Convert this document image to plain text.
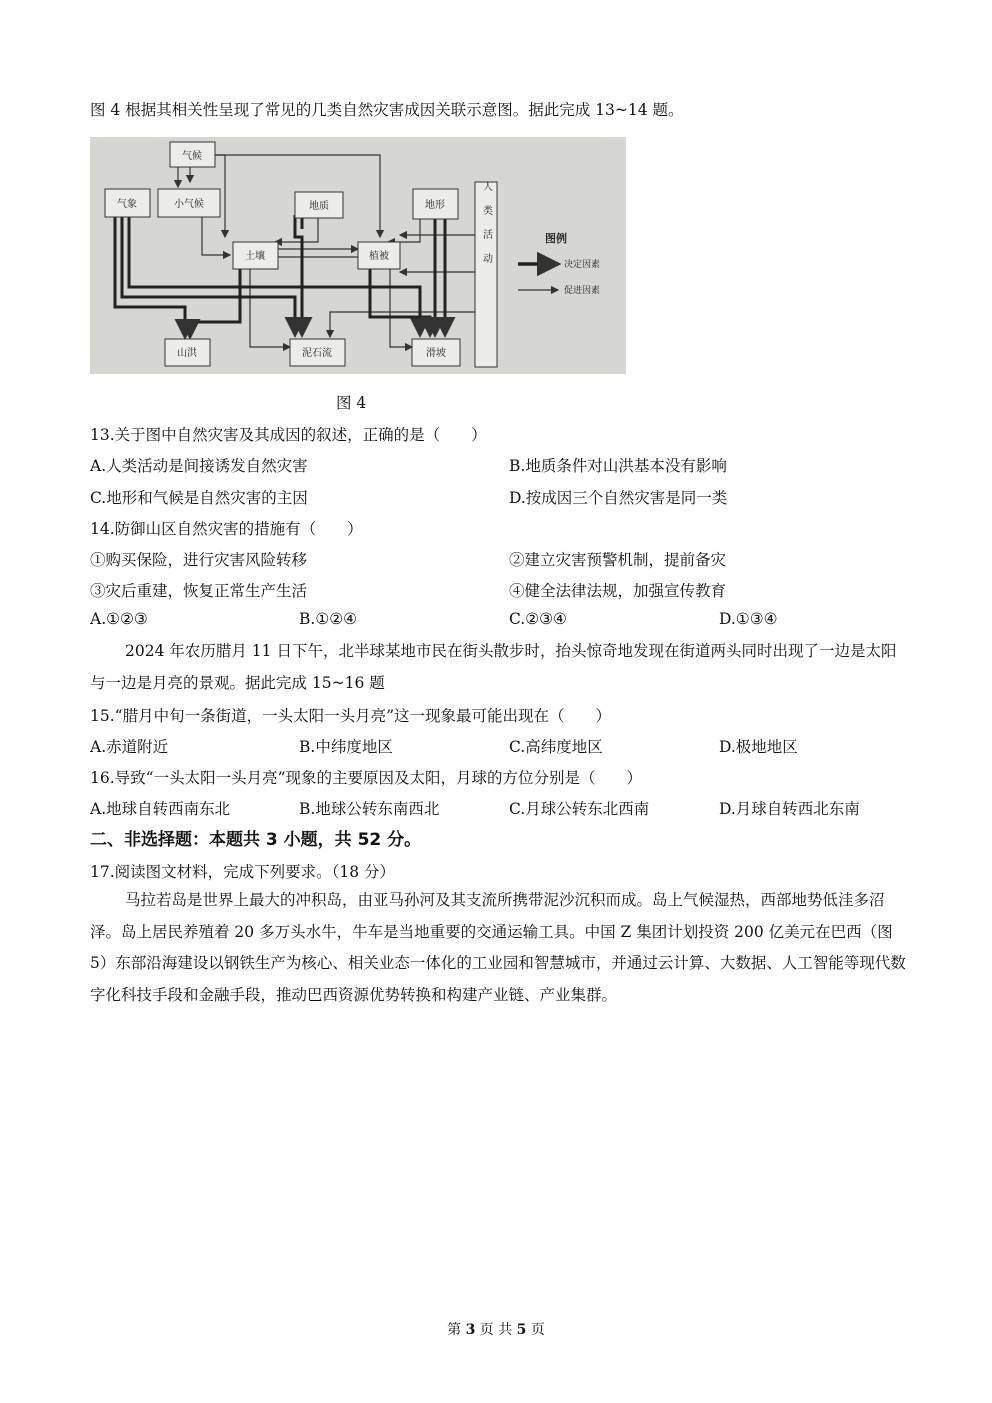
图 4 根据其相关性呈现了常见的几类自然灾害成因关联示意图。据此完成 13~14 题。
气候
小气候
气象	地质	地形
土壤	植被
山洪	泥石流	滑坡
人类活动	图例
决定因素
促进因素
图 4
13.关于图中自然灾害及其成因的叙述，正确的是（　　）
A.人类活动是间接诱发自然灾害	B.地质条件对山洪基本没有影响
C.地形和气候是自然灾害的主因	D.按成因三个自然灾害是同一类
14.防御山区自然灾害的措施有（　　）
①购买保险，进行灾害风险转移	②建立灾害预警机制，提前备灾
③灾后重建，恢复正常生产生活	④健全法律法规，加强宣传教育
A.①②③	B.①②④	C.②③④	D.①③④
2024 年农历腊月 11 日下午，北半球某地市民在街头散步时，抬头惊奇地发现在街道两头同时出现了一边是太阳与一边是月亮的景观。据此完成 15~16 题
15.“腊月中旬一条街道，一头太阳一头月亮”这一现象最可能出现在（　　）
A.赤道附近	B.中纬度地区	C.高纬度地区	D.极地地区
16.导致“一头太阳一头月亮”现象的主要原因及太阳，月球的方位分别是（　　）
A.地球自转西南东北	B.地球公转东南西北	C.月球公转东北西南	D.月球自转西北东南
二、非选择题：本题共 3 小题，共 52 分。
17.阅读图文材料，完成下列要求。（18 分）
马拉若岛是世界上最大的冲积岛，由亚马孙河及其支流所携带泥沙沉积而成。岛上气候湿热，西部地势低洼多沼泽。岛上居民养殖着 20 多万头水牛，牛车是当地重要的交通运输工具。中国 Z 集团计划投资 200 亿美元在巴西（图 5）东部沿海建设以钢铁生产为核心、相关业态一体化的工业园和智慧城市，并通过云计算、大数据、人工智能等现代数字化科技手段和金融手段，推动巴西资源优势转换和构建产业链、产业集群。
第 3 页 共 5 页
